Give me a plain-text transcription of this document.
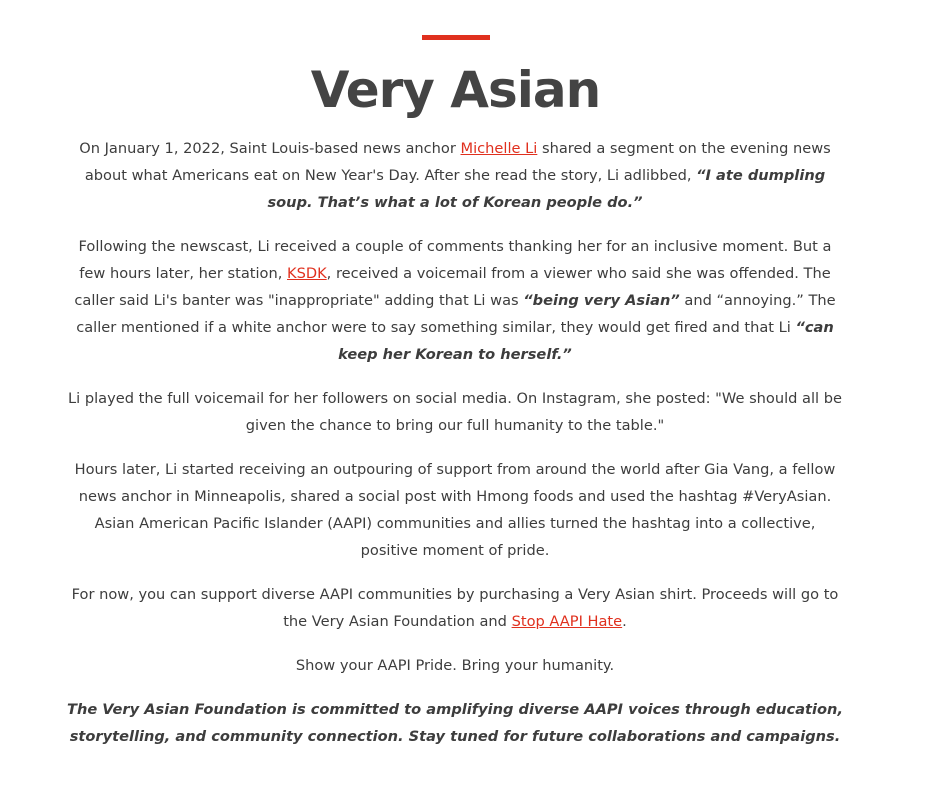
Very Asian

On January 1, 2022, Saint Louis-based news anchor Michelle Li shared a segment on the evening news about what Americans eat on New Year's Day. After she read the story, Li adlibbed, “I ate dumpling soup. That’s what a lot of Korean people do.”

Following the newscast, Li received a couple of comments thanking her for an inclusive moment. But a few hours later, her station, KSDK, received a voicemail from a viewer who said she was offended. The caller said Li's banter was "inappropriate" adding that Li was “being very Asian” and “annoying.” The caller mentioned if a white anchor were to say something similar, they would get fired and that Li “can keep her Korean to herself.”

Li played the full voicemail for her followers on social media. On Instagram, she posted: "We should all be given the chance to bring our full humanity to the table."

Hours later, Li started receiving an outpouring of support from around the world after Gia Vang, a fellow news anchor in Minneapolis, shared a social post with Hmong foods and used the hashtag #VeryAsian. Asian American Pacific Islander (AAPI) communities and allies turned the hashtag into a collective, positive moment of pride.

For now, you can support diverse AAPI communities by purchasing a Very Asian shirt. Proceeds will go to the Very Asian Foundation and Stop AAPI Hate.

Show your AAPI Pride. Bring your humanity.

The Very Asian Foundation is committed to amplifying diverse AAPI voices through education, storytelling, and community connection. Stay tuned for future collaborations and campaigns.
